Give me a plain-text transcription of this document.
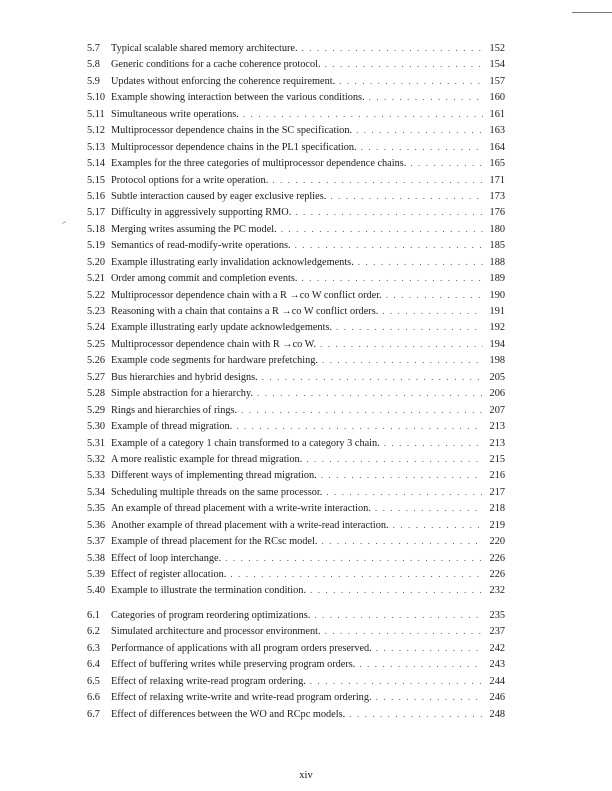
5.7	Typical scalable shared memory architecture. . . .	152
5.8	Generic conditions for a cache coherence protocol. . . .	154
5.9	Updates without enforcing the coherence requirement. . . .	157
5.10 Example showing interaction between the various conditions. . . .	160
5.11 Simultaneous write operations. . . .	161
5.12 Multiprocessor dependence chains in the SC specification. . . .	163
5.13 Multiprocessor dependence chains in the PL1 specification. . . .	164
5.14 Examples for the three categories of multiprocessor dependence chains. . . .	165
5.15 Protocol options for a write operation. . . .	171
5.16 Subtle interaction caused by eager exclusive replies. . . .	173
5.17 Difficulty in aggressively supporting RMO. . . .	176
5.18 Merging writes assuming the PC model. . . .	180
5.19 Semantics of read-modify-write operations. . . .	185
5.20 Example illustrating early invalidation acknowledgements. . . .	188
5.21 Order among commit and completion events. . . .	189
5.22 Multiprocessor dependence chain with a R →co W conflict order. . . .	190
5.23 Reasoning with a chain that contains a R →co W conflict orders. . . .	191
5.24 Example illustrating early update acknowledgements. . . .	192
5.25 Multiprocessor dependence chain with R →co W. . . .	194
5.26 Example code segments for hardware prefetching. . . .	198
5.27 Bus hierarchies and hybrid designs. . . .	205
5.28 Simple abstraction for a hierarchy. . . .	206
5.29 Rings and hierarchies of rings. . . .	207
5.30 Example of thread migration. . . .	213
5.31 Example of a category 1 chain transformed to a category 3 chain. . . .	213
5.32 A more realistic example for thread migration. . . .	215
5.33 Different ways of implementing thread migration. . . .	216
5.34 Scheduling multiple threads on the same processor. . . .	217
5.35 An example of thread placement with a write-write interaction. . . .	218
5.36 Another example of thread placement with a write-read interaction. . . .	219
5.37 Example of thread placement for the RCsc model. . . .	220
5.38 Effect of loop interchange. . . .	226
5.39 Effect of register allocation. . . .	226
5.40 Example to illustrate the termination condition. . . .	232
6.1	Categories of program reordering optimizations. . . .	235
6.2	Simulated architecture and processor environment. . . .	237
6.3	Performance of applications with all program orders preserved. . . .	242
6.4	Effect of buffering writes while preserving program orders. . . .	243
6.5	Effect of relaxing write-read program ordering. . . .	244
6.6	Effect of relaxing write-write and write-read program ordering. . . .	246
6.7	Effect of differences between the WO and RCpc models. . . .	248
xiv
